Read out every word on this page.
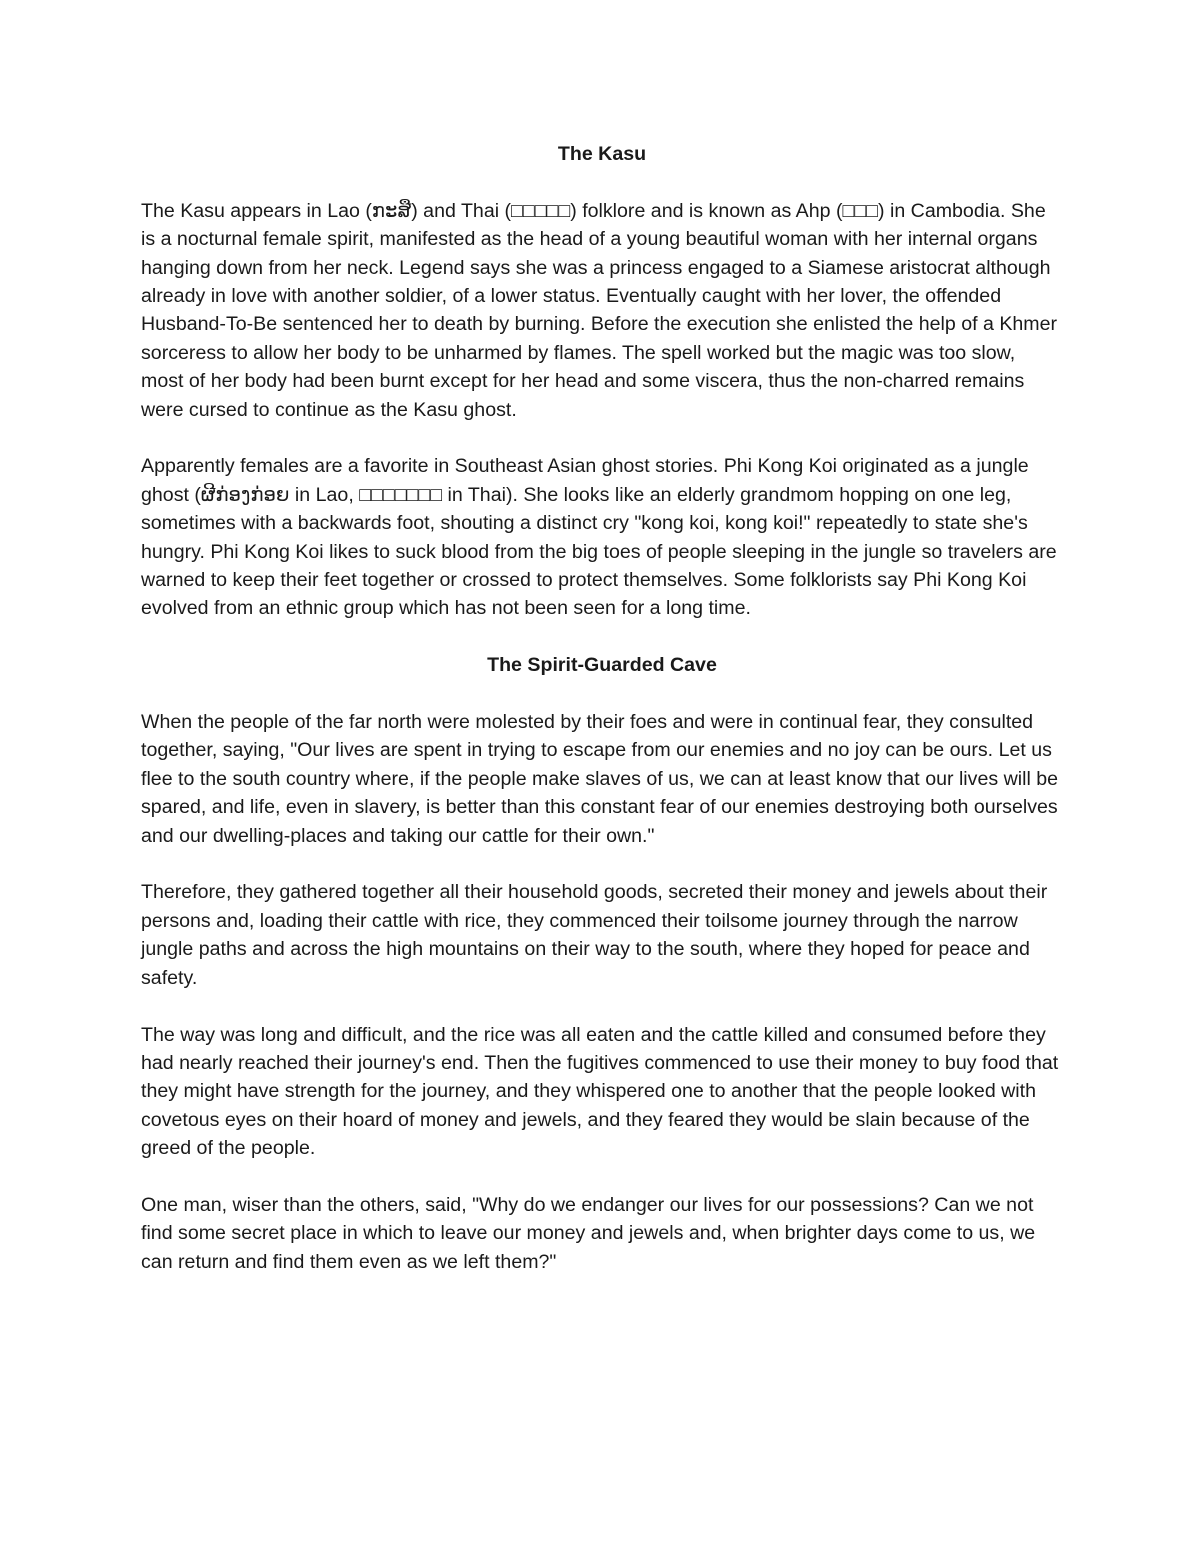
The Kasu
The Kasu appears in Lao (ກະສື) and Thai (□□□□□) folklore and is known as Ahp (□□□) in Cambodia. She is a nocturnal female spirit, manifested as the head of a young beautiful woman with her internal organs hanging down from her neck. Legend says she was a princess engaged to a Siamese aristocrat although already in love with another soldier, of a lower status. Eventually caught with her lover, the offended Husband-To-Be sentenced her to death by burning. Before the execution she enlisted the help of a Khmer sorceress to allow her body to be unharmed by flames. The spell worked but the magic was too slow, most of her body had been burnt except for her head and some viscera, thus the non-charred remains were cursed to continue as the Kasu ghost.
Apparently females are a favorite in Southeast Asian ghost stories. Phi Kong Koi originated as a jungle ghost (ຜີກ່ອງກ່ອຍ in Lao, □□□□□□□ in Thai). She looks like an elderly grandmom hopping on one leg, sometimes with a backwards foot, shouting a distinct cry "kong koi, kong koi!" repeatedly to state she's hungry. Phi Kong Koi likes to suck blood from the big toes of people sleeping in the jungle so travelers are warned to keep their feet together or crossed to protect themselves. Some folklorists say Phi Kong Koi evolved from an ethnic group which has not been seen for a long time.
The Spirit-Guarded Cave
When the people of the far north were molested by their foes and were in continual fear, they consulted together, saying, "Our lives are spent in trying to escape from our enemies and no joy can be ours. Let us flee to the south country where, if the people make slaves of us, we can at least know that our lives will be spared, and life, even in slavery, is better than this constant fear of our enemies destroying both ourselves and our dwelling-places and taking our cattle for their own."
Therefore, they gathered together all their household goods, secreted their money and jewels about their persons and, loading their cattle with rice, they commenced their toilsome journey through the narrow jungle paths and across the high mountains on their way to the south, where they hoped for peace and safety.
The way was long and difficult, and the rice was all eaten and the cattle killed and consumed before they had nearly reached their journey's end. Then the fugitives commenced to use their money to buy food that they might have strength for the journey, and they whispered one to another that the people looked with covetous eyes on their hoard of money and jewels, and they feared they would be slain because of the greed of the people.
One man, wiser than the others, said, "Why do we endanger our lives for our possessions? Can we not find some secret place in which to leave our money and jewels and, when brighter days come to us, we can return and find them even as we left them?"
